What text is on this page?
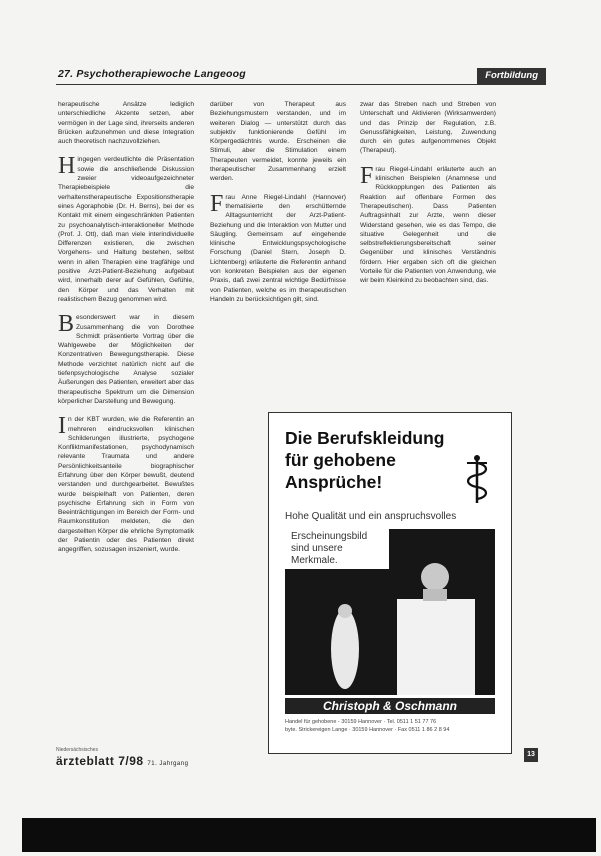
27. Psychotherapiewoche Langeoog	Fortbildung

herapeutische Ansätze lediglich unterschiedliche Akzente setzen, aber vermögen in der Lage sind, ihrerseits anderen Brücken aufzunehmen und diese Integration auch theoretisch nachzuvollziehen.

Hingegen verdeutlichte die Präsentation sowie die anschließende Diskussion zweier videoaufgezeichneter Therapiebeispiele die verhaltenstherapeutische Expositionstherapie eines Agoraphobie (Dr. H. Berns), bei der es Kontakt mit einem eingeschränkten Patienten zu psychoanalytisch-interaktioneller Methode (Prof. J. Ott), daß man viele interindividuelle Differenzen existieren, die zwischen Vorgehens- und Haltung bestehen, selbst wenn in allen Therapien eine tragfähige und positive Arzt-Patient-Beziehung aufgebaut wird, innerhalb derer auf Gefühlen, Gefühle, den Körper und das Verhalten mit realistischem Bezug genommen wird.

Besonderswert war in diesem Zusammenhang die von Dorothee Schmidt präsentierte Vortrag über die Wahlgewebe der Möglichkeiten der Konzentrativen Bewegungstherapie. Diese Methode verzichtet natürlich nicht auf die tiefenpsychologische Analyse sozialer Äußerungen des Patienten, erweitert aber das therapeutische Spektrum um die Dimension körperlicher Darstellung und Bewegung.

In der KBT wurden, wie die Referentin an mehreren eindrucksvollen klinischen Schilderungen illustrierte, psychogene Konfliktmanifestationen, psychodynamisch relevante Traumata und andere Persönlichkeitsanteile biographischer Erfahrung über den Körper bewußt, deutend verstanden und durchgearbeitet. Bewußtes wurde beispielhaft von Patienten, deren psychische Erfahrung sich in Form von Beeinträchtigungen im Bereich der Form- und Raumkonstitution meldeten, die den dargestellten Körper die ehrliche Symptomatik der Patientin oder des Patienten direkt angegriffen, sozusagen inszeniert, wurde.

darüber von Therapeut aus Beziehungsmustern verstanden, und im weiteren Dialog — unterstützt durch das subjektiv funktionierende Gefühl im Körpergedächtnis wurde. Erscheinen die Stimuli, aber die Stimulation einem Therapeuten vermeidet, konnte jeweils ein therapeutischer Zusammenhang erzielt werden.

Frau Anne Riegel-Lindahl (Hannover) thematisierte den erschütternde Alltagsunterricht der Arzt-Patient-Beziehung und die Interaktion von Mutter und Säugling. Gemeinsam auf eingehende klinische Entwicklungspsychologische Forschung (Daniel Stern, Joseph D. Lichtenberg) erläuterte die Referentin anhand von konkreten Beispielen aus der eigenen Praxis, daß zwei zentral wichtige Bedürfnisse von Patienten, welche es im therapeutischen Handeln zu berücksichtigen gilt, sind.

zwar das Streben nach und Streben von Unterschaft und Aktivieren (Wirksamwerden) und das Prinzip der Regulation, z.B. Genussfähigkeiten, Leistung, Zuwendung durch ein gutes aufgenommenes Objekt (Therapeut).

Frau Riegel-Lindahl erläuterte auch an klinischen Beispielen (Anamnese und Rückkopplungen des Patienten als Reaktion auf offenbare Formen des Therapeutischen). Dass Patienten Auftragsinhalt zur Arzte, wenn dieser Widerstand gesehen, wie es das Tempo, die situative Gelegenheit und die selbstreflektierungsbereitschaft seiner Gegenüber und klinisches Verständnis fördern. Hier ergaben sich oft die gleichen Vorteile für die Patienten von Anwendung, wie wir beim Kleinkind zu beobachten sind, das.

Die Berufskleidung für gehobene Ansprüche!
Hohe Qualität und ein anspruchsvolles
Erscheinungsbild sind unsere Merkmale.
Christoph & Oschmann
Handel für gehobene - 30159 Hannover · Tel. 0511 1 51 77 76
byte. Strickereigen Lange · 30159 Hannover · Fax 0511 1 86 2 8 94
Niedersächsisches
ärzteblatt 7/98 71. Jahrgang
13
